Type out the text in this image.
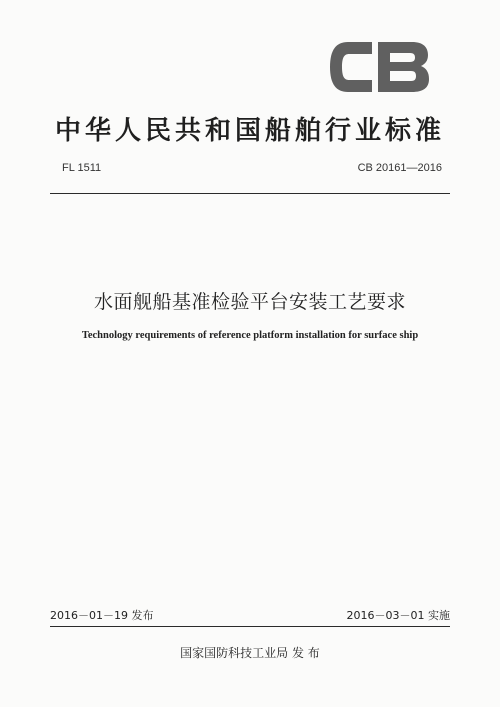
中华人民共和国船舶行业标准
FL 1511	CB 20161—2016
水面舰船基准检验平台安装工艺要求
Technology requirements of reference platform installation for surface ship
2016－01－19 发布	2016－03－01 实施
国家国防科技工业局 发 布
